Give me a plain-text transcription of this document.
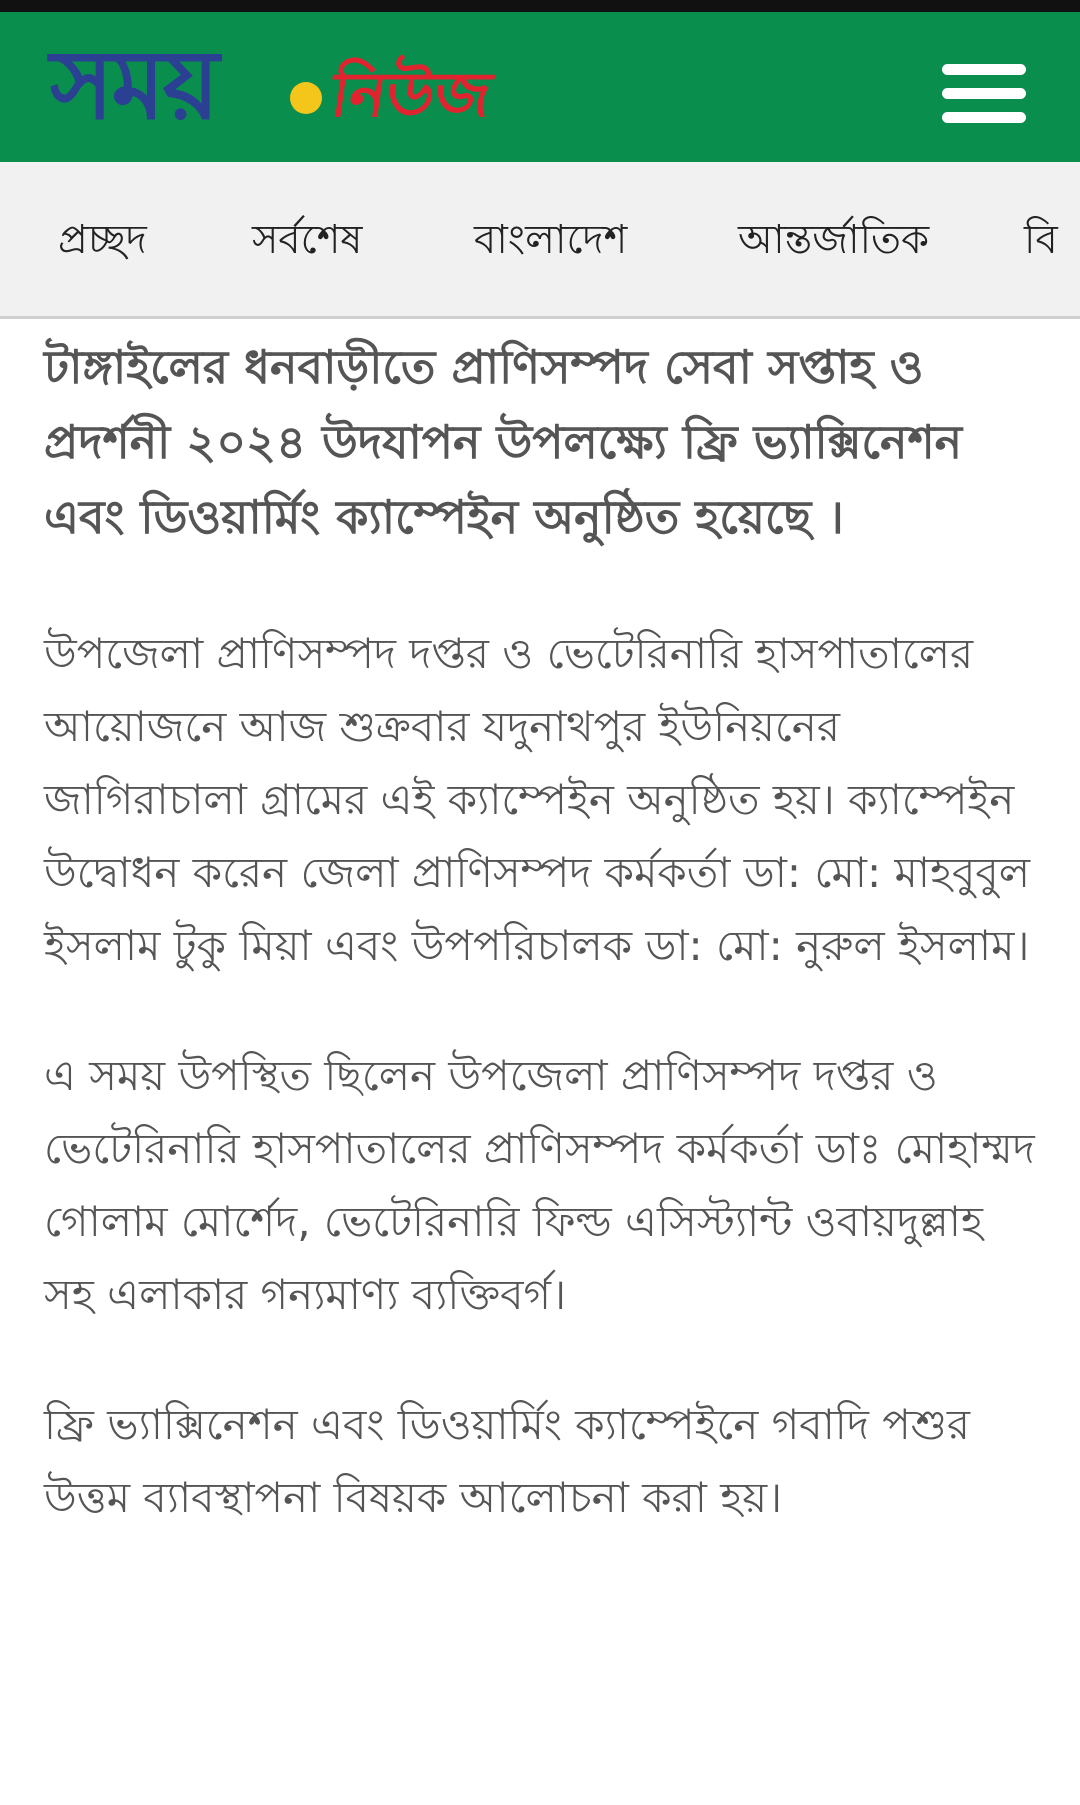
সময় নিউজ
প্রচ্ছদ	সর্বশেষ	বাংলাদেশ	আন্তর্জাতিক বি
টাঙ্গাইলের ধনবাড়ীতে প্রাণিসম্পদ সেবা সপ্তাহ ও প্রদর্শনী ২০২৪ উদযাপন উপলক্ষ্যে ফ্রি ভ্যাক্সিনেশন এবং ডিওয়ার্মিং ক্যাম্পেইন অনুষ্ঠিত হয়েছে ।

উপজেলা প্রাণিসম্পদ দপ্তর ও ভেটেরিনারি হাসপাতালের আয়োজনে আজ শুক্রবার যদুনাথপুর ইউনিয়নের জাগিরাচালা গ্রামের এই ক্যাম্পেইন অনুষ্ঠিত হয়। ক্যাম্পেইন উদ্বোধন করেন জেলা প্রাণিসম্পদ কর্মকর্তা ডা: মো: মাহবুবুল ইসলাম টুকু মিয়া এবং উপপরিচালক ডা: মো: নুরুল ইসলাম।

এ সময় উপস্থিত ছিলেন উপজেলা প্রাণিসম্পদ দপ্তর ও ভেটেরিনারি হাসপাতালের প্রাণিসম্পদ কর্মকর্তা ডাঃ মোহাম্মদ গোলাম মোর্শেদ, ভেটেরিনারি ফিল্ড এসিস্ট্যান্ট ওবায়দুল্লাহ সহ এলাকার গন্যমাণ্য ব্যক্তিবর্গ।

ফ্রি ভ্যাক্সিনেশন এবং ডিওয়ার্মিং ক্যাম্পেইনে গবাদি পশুর উত্তম ব্যাবস্থাপনা বিষয়ক আলোচনা করা হয়।
